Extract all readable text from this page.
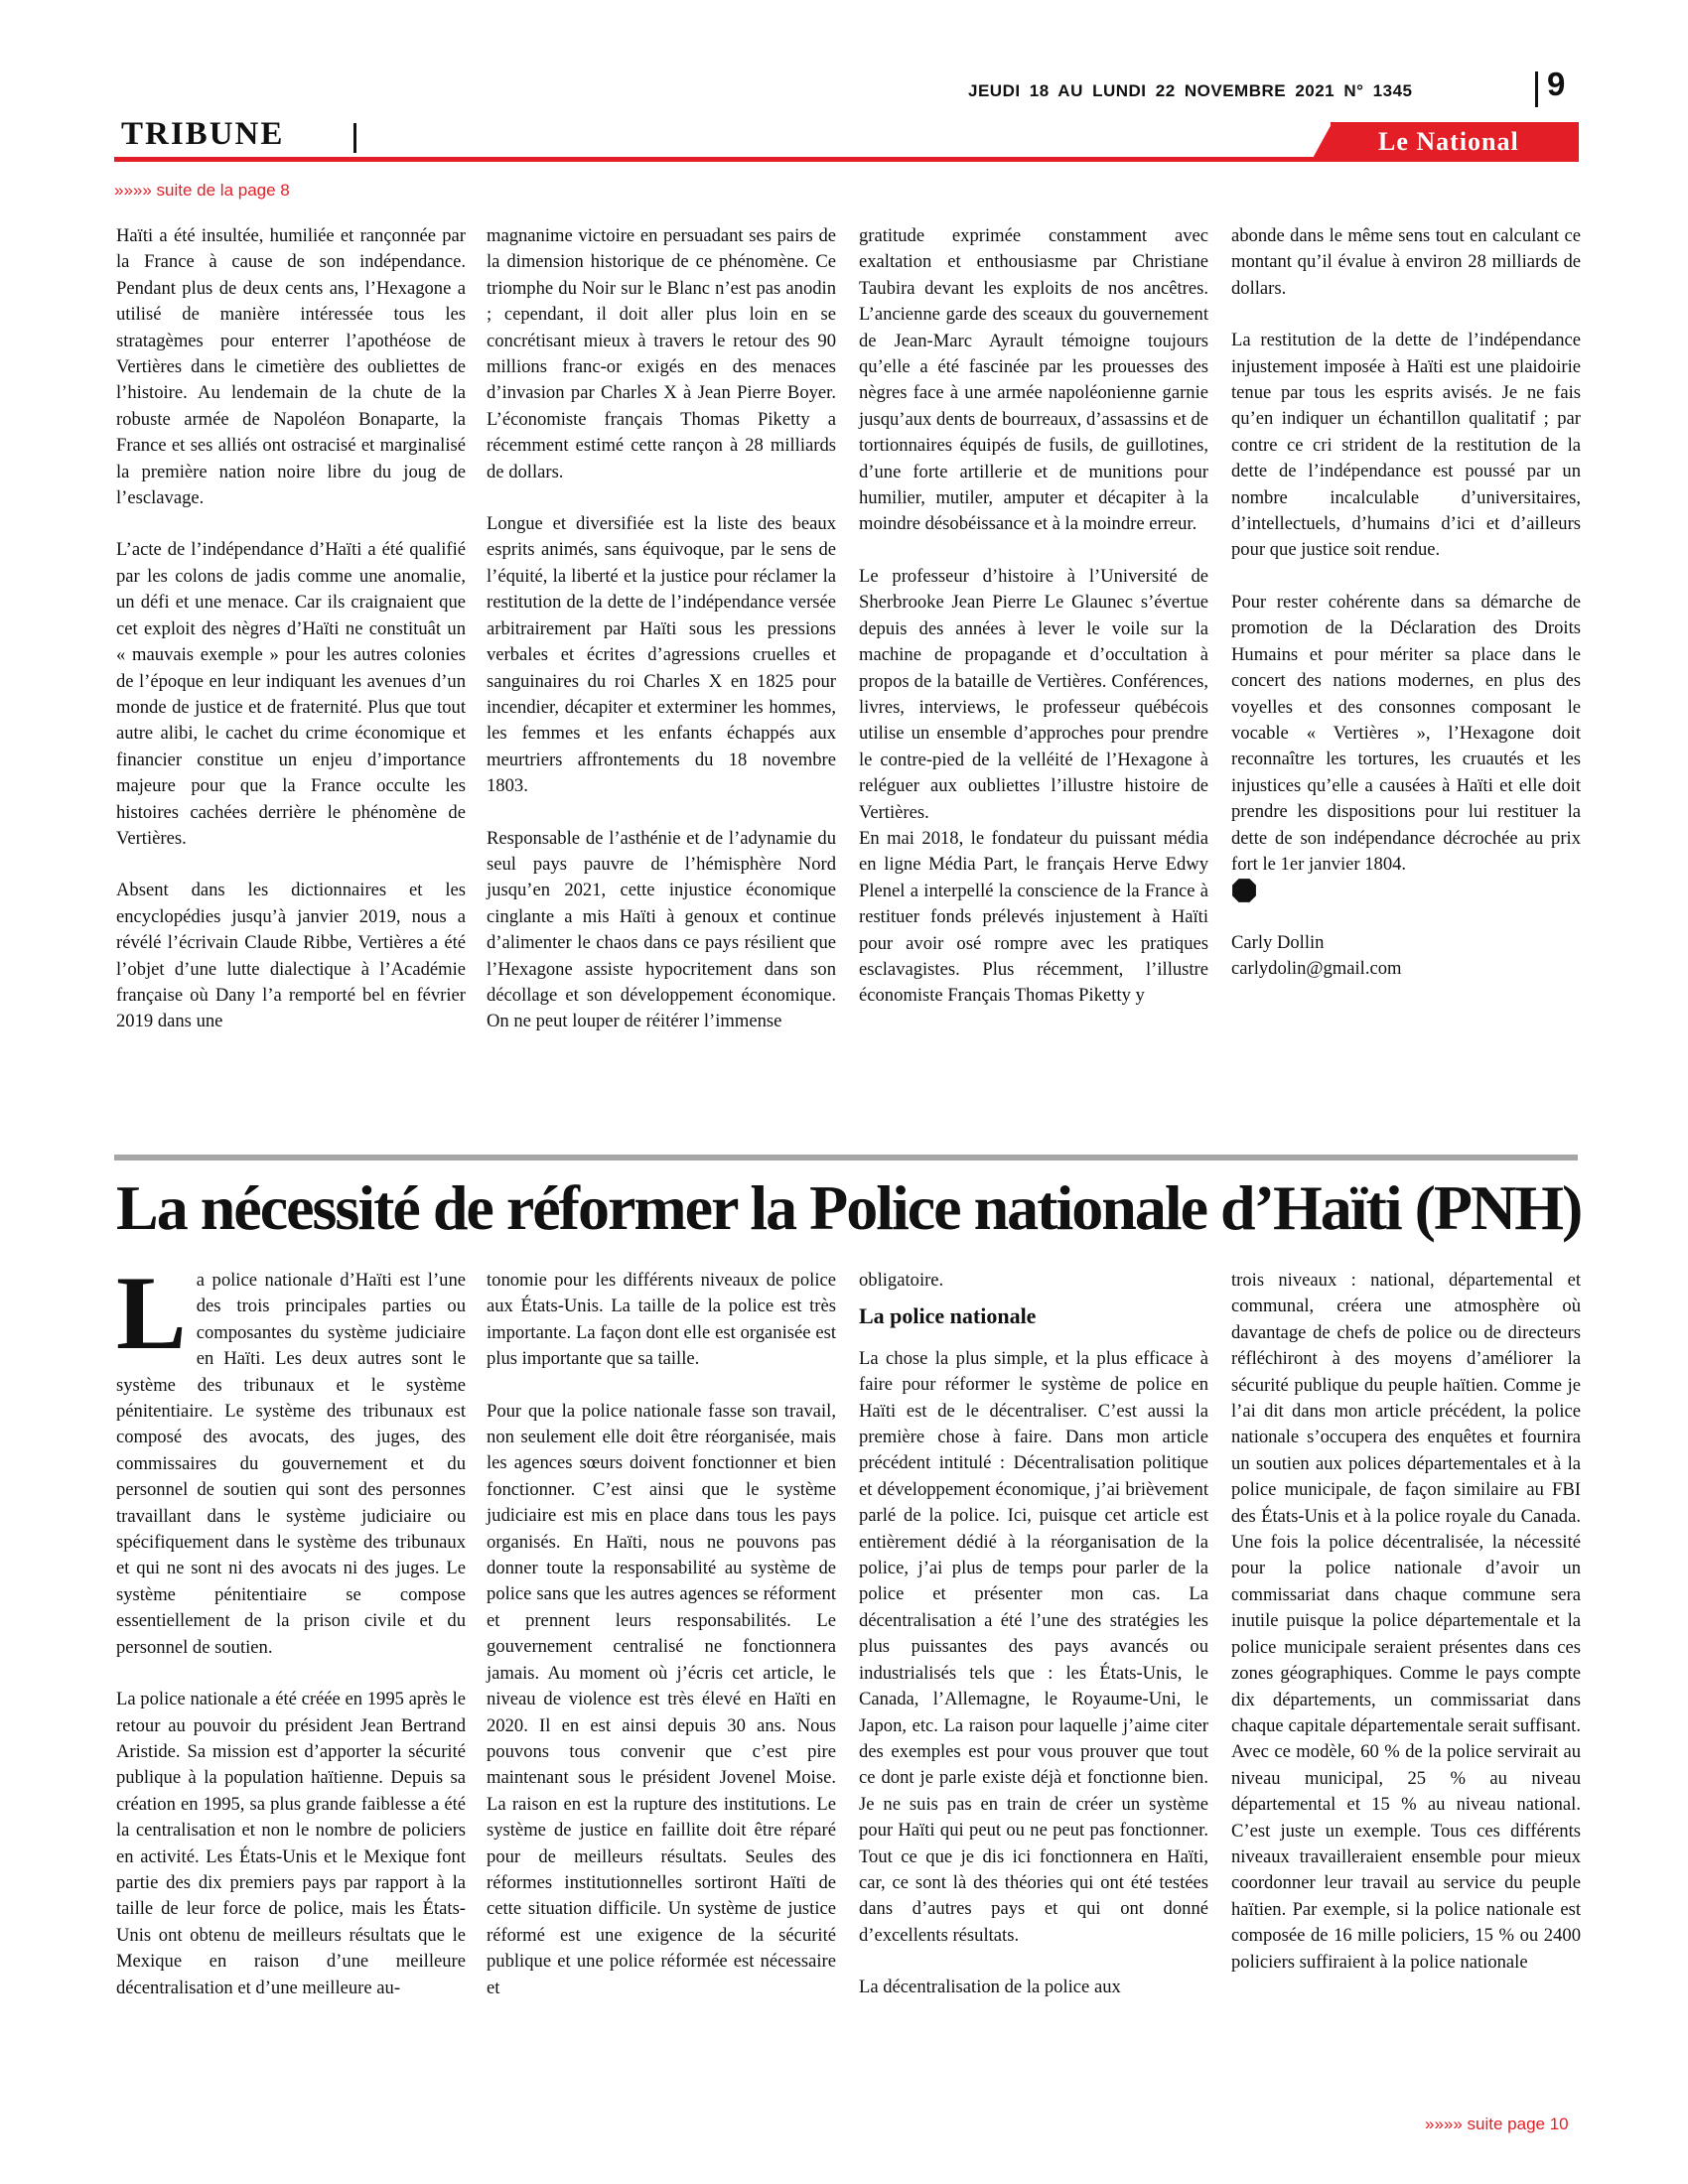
JEUDI 18 AU LUNDI 22 NOVEMBRE 2021 N° 1345	9
TRIBUNE	Le National
»»»» suite de la page 8

Haïti a été insultée, humiliée et rançonnée par la France à cause de son indépendance. Pendant plus de deux cents ans, l’Hexagone a utilisé de manière intéressée tous les stratagèmes pour enterrer l’apothéose de Vertières dans le cimetière des oubliettes de l’histoire. Au lendemain de la chute de la robuste armée de Napoléon Bonaparte, la France et ses alliés ont ostracisé et marginalisé la première nation noire libre du joug de l’esclavage.

L’acte de l’indépendance d’Haïti a été qualifié par les colons de jadis comme une anomalie, un défi et une menace. Car ils craignaient que cet exploit des nègres d’Haïti ne constituât un « mauvais exemple » pour les autres colonies de l’époque en leur indiquant les avenues d’un monde de justice et de fraternité. Plus que tout autre alibi, le cachet du crime économique et financier constitue un enjeu d’importance majeure pour que la France occulte les histoires cachées derrière le phénomène de Vertières.

Absent dans les dictionnaires et les encyclopédies jusqu’à janvier 2019, nous a révélé l’écrivain Claude Ribbe, Vertières a été l’objet d’une lutte dialectique à l’Académie française où Dany l’a remporté bel en février 2019 dans une

magnanime victoire en persuadant ses pairs de la dimension historique de ce phénomène. Ce triomphe du Noir sur le Blanc n’est pas anodin ; cependant, il doit aller plus loin en se concrétisant mieux à travers le retour des 90 millions franc-or exigés en des menaces d’invasion par Charles X à Jean Pierre Boyer. L’économiste français Thomas Piketty a récemment estimé cette rançon à 28 milliards de dollars.

Longue et diversifiée est la liste des beaux esprits animés, sans équivoque, par le sens de l’équité, la liberté et la justice pour réclamer la restitution de la dette de l’indépendance versée arbitrairement par Haïti sous les pressions verbales et écrites d’agressions cruelles et sanguinaires du roi Charles X en 1825 pour incendier, décapiter et exterminer les hommes, les femmes et les enfants échappés aux meurtriers affrontements du 18 novembre 1803.

Responsable de l’asthénie et de l’adynamie du seul pays pauvre de l’hémisphère Nord jusqu’en 2021, cette injustice économique cinglante a mis Haïti à genoux et continue d’alimenter le chaos dans ce pays résilient que l’Hexagone assiste hypocritement dans son décollage et son développement économique. On ne peut louper de réitérer l’immense

gratitude exprimée constamment avec exaltation et enthousiasme par Christiane Taubira devant les exploits de nos ancêtres. L’ancienne garde des sceaux du gouvernement de Jean-Marc Ayrault témoigne toujours qu’elle a été fascinée par les prouesses des nègres face à une armée napoléonienne garnie jusqu’aux dents de bourreaux, d’assassins et de tortionnaires équipés de fusils, de guillotines, d’une forte artillerie et de munitions pour humilier, mutiler, amputer et décapiter à la moindre désobéissance et à la moindre erreur.

Le professeur d’histoire à l’Université de Sherbrooke Jean Pierre Le Glaunec s’évertue depuis des années à lever le voile sur la machine de propagande et d’occultation à propos de la bataille de Vertières. Conférences, livres, interviews, le professeur québécois utilise un ensemble d’approches pour prendre le contre-pied de la velléité de l’Hexagone à reléguer aux oubliettes l’illustre histoire de Vertières.

En mai 2018, le fondateur du puissant média en ligne Média Part, le français Herve Edwy Plenel a interpellé la conscience de la France à restituer fonds prélevés injustement à Haïti pour avoir osé rompre avec les pratiques esclavagistes. Plus récemment, l’illustre économiste Français Thomas Piketty y

abonde dans le même sens tout en calculant ce montant qu’il évalue à environ 28 milliards de dollars.

La restitution de la dette de l’indépendance injustement imposée à Haïti est une plaidoirie tenue par tous les esprits avisés. Je ne fais qu’en indiquer un échantillon qualitatif ; par contre ce cri strident de la restitution de la dette de l’indépendance est poussé par un nombre incalculable d’universitaires, d’intellectuels, d’humains d’ici et d’ailleurs pour que justice soit rendue.

Pour rester cohérente dans sa démarche de promotion de la Déclaration des Droits Humains et pour mériter sa place dans le concert des nations modernes, en plus des voyelles et des consonnes composant le vocable « Vertières », l’Hexagone doit reconnaître les tortures, les cruautés et les injustices qu’elle a causées à Haïti et elle doit prendre les dispositions pour lui restituer la dette de son indépendance décrochée au prix fort le 1er janvier 1804.

Carly Dollin

carlydolin@gmail.com

La nécessité de réformer la Police nationale d’Haïti (PNH)

La police nationale d’Haïti est l’une des trois principales parties ou composantes du système judiciaire en Haïti. Les deux autres sont le système des tribunaux et le système pénitentiaire. Le système des tribunaux est composé des avocats, des juges, des commissaires du gouvernement et du personnel de soutien qui sont des personnes travaillant dans le système judiciaire ou spécifiquement dans le système des tribunaux et qui ne sont ni des avocats ni des juges. Le système pénitentiaire se compose essentiellement de la prison civile et du personnel de soutien.

La police nationale a été créée en 1995 après le retour au pouvoir du président Jean Bertrand Aristide. Sa mission est d’apporter la sécurité publique à la population haïtienne. Depuis sa création en 1995, sa plus grande faiblesse a été la centralisation et non le nombre de policiers en activité. Les États-Unis et le Mexique font partie des dix premiers pays par rapport à la taille de leur force de police, mais les États-Unis ont obtenu de meilleurs résultats que le Mexique en raison d’une meilleure décentralisation et d’une meilleure au-

tonomie pour les différents niveaux de police aux États-Unis. La taille de la police est très importante. La façon dont elle est organisée est plus importante que sa taille.

Pour que la police nationale fasse son travail, non seulement elle doit être réorganisée, mais les agences sœurs doivent fonctionner et bien fonctionner. C’est ainsi que le système judiciaire est mis en place dans tous les pays organisés. En Haïti, nous ne pouvons pas donner toute la responsabilité au système de police sans que les autres agences se réforment et prennent leurs responsabilités. Le gouvernement centralisé ne fonctionnera jamais. Au moment où j’écris cet article, le niveau de violence est très élevé en Haïti en 2020. Il en est ainsi depuis 30 ans. Nous pouvons tous convenir que c’est pire maintenant sous le président Jovenel Moise. La raison en est la rupture des institutions. Le système de justice en faillite doit être réparé pour de meilleurs résultats. Seules des réformes institutionnelles sortiront Haïti de cette situation difficile. Un système de justice réformé est une exigence de la sécurité publique et une police réformée est nécessaire et

obligatoire.

La police nationale

La chose la plus simple, et la plus efficace à faire pour réformer le système de police en Haïti est de le décentraliser. C’est aussi la première chose à faire. Dans mon article précédent intitulé : Décentralisation politique et développement économique, j’ai brièvement parlé de la police. Ici, puisque cet article est entièrement dédié à la réorganisation de la police, j’ai plus de temps pour parler de la police et présenter mon cas. La décentralisation a été l’une des stratégies les plus puissantes des pays avancés ou industrialisés tels que : les États-Unis, le Canada, l’Allemagne, le Royaume-Uni, le Japon, etc. La raison pour laquelle j’aime citer des exemples est pour vous prouver que tout ce dont je parle existe déjà et fonctionne bien. Je ne suis pas en train de créer un système pour Haïti qui peut ou ne peut pas fonctionner. Tout ce que je dis ici fonctionnera en Haïti, car, ce sont là des théories qui ont été testées dans d’autres pays et qui ont donné d’excellents résultats.

La décentralisation de la police aux

trois niveaux : national, départemental et communal, créera une atmosphère où davantage de chefs de police ou de directeurs réfléchiront à des moyens d’améliorer la sécurité publique du peuple haïtien. Comme je l’ai dit dans mon article précédent, la police nationale s’occupera des enquêtes et fournira un soutien aux polices départementales et à la police municipale, de façon similaire au FBI des États-Unis et à la police royale du Canada. Une fois la police décentralisée, la nécessité pour la police nationale d’avoir un commissariat dans chaque commune sera inutile puisque la police départementale et la police municipale seraient présentes dans ces zones géographiques. Comme le pays compte dix départements, un commissariat dans chaque capitale départementale serait suffisant. Avec ce modèle, 60 % de la police servirait au niveau municipal, 25 % au niveau départemental et 15 % au niveau national. C’est juste un exemple. Tous ces différents niveaux travailleraient ensemble pour mieux coordonner leur travail au service du peuple haïtien. Par exemple, si la police nationale est composée de 16 mille policiers, 15 % ou 2400 policiers suffiraient à la police nationale

»»»» suite page 10
